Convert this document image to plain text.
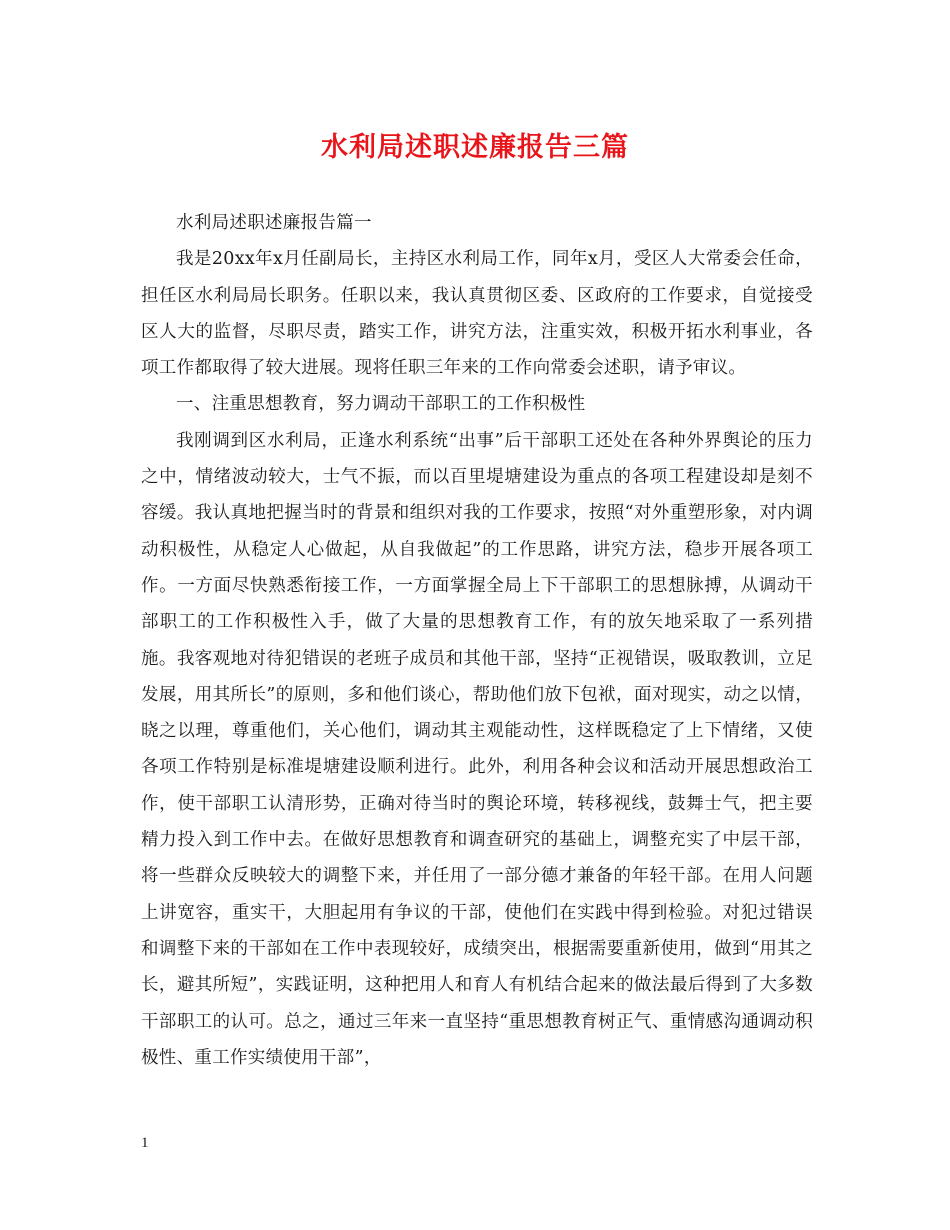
水利局述职述廉报告三篇

水利局述职述廉报告篇一

我是20xx年x月任副局长，主持区水利局工作，同年x月，受区人大常委会任命，担任区水利局局长职务。任职以来，我认真贯彻区委、区政府的工作要求，自觉接受区人大的监督，尽职尽责，踏实工作，讲究方法，注重实效，积极开拓水利事业，各项工作都取得了较大进展。现将任职三年来的工作向常委会述职，请予审议。

一、注重思想教育，努力调动干部职工的工作积极性

我刚调到区水利局，正逢水利系统“出事”后干部职工还处在各种外界舆论的压力之中，情绪波动较大，士气不振，而以百里堤塘建设为重点的各项工程建设却是刻不容缓。我认真地把握当时的背景和组织对我的工作要求，按照“对外重塑形象，对内调动积极性，从稳定人心做起，从自我做起”的工作思路，讲究方法，稳步开展各项工作。一方面尽快熟悉衔接工作，一方面掌握全局上下干部职工的思想脉搏，从调动干部职工的工作积极性入手，做了大量的思想教育工作，有的放矢地采取了一系列措施。我客观地对待犯错误的老班子成员和其他干部，坚持“正视错误，吸取教训，立足发展，用其所长”的原则，多和他们谈心，帮助他们放下包袱，面对现实，动之以情，晓之以理，尊重他们，关心他们，调动其主观能动性，这样既稳定了上下情绪，又使各项工作特别是标准堤塘建设顺利进行。此外，利用各种会议和活动开展思想政治工作，使干部职工认清形势，正确对待当时的舆论环境，转移视线，鼓舞士气，把主要精力投入到工作中去。在做好思想教育和调查研究的基础上，调整充实了中层干部，将一些群众反映较大的调整下来，并任用了一部分德才兼备的年轻干部。在用人问题上讲宽容，重实干，大胆起用有争议的干部，使他们在实践中得到检验。对犯过错误和调整下来的干部如在工作中表现较好，成绩突出，根据需要重新使用，做到“用其之长，避其所短”，实践证明，这种把用人和育人有机结合起来的做法最后得到了大多数干部职工的认可。总之，通过三年来一直坚持“重思想教育树正气、重情感沟通调动积极性、重工作实绩使用干部”，

1
